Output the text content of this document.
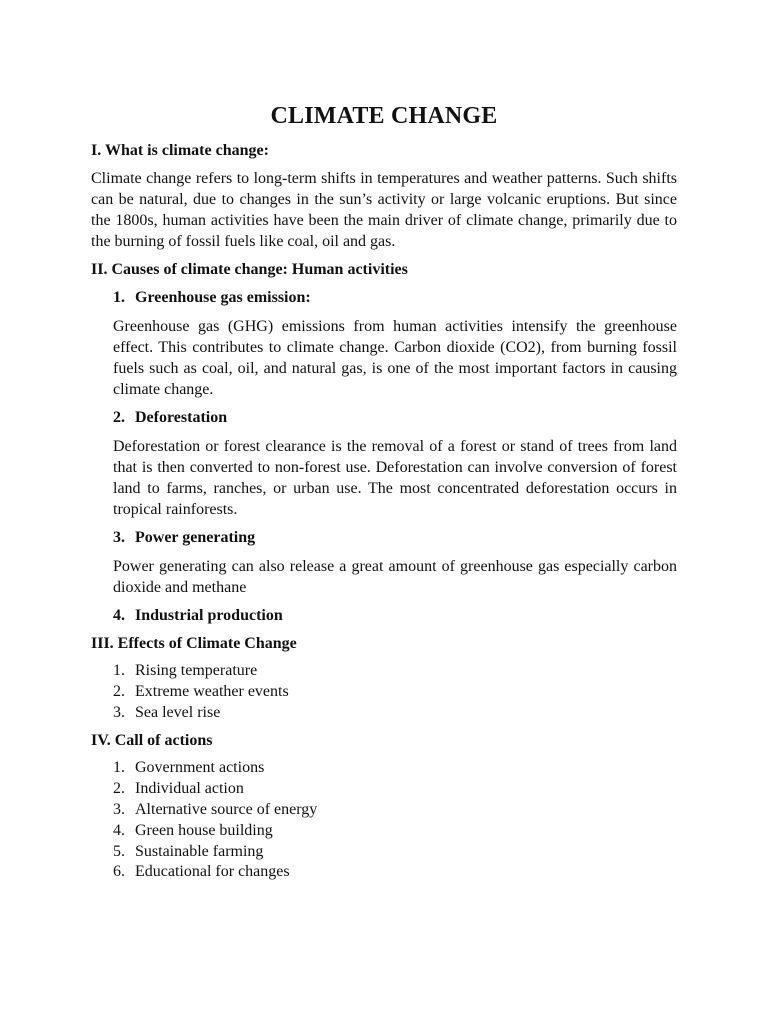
CLIMATE CHANGE
I. What is climate change:
Climate change refers to long-term shifts in temperatures and weather patterns. Such shifts can be natural, due to changes in the sun’s activity or large volcanic eruptions. But since the 1800s, human activities have been the main driver of climate change, primarily due to the burning of fossil fuels like coal, oil and gas.
II. Causes of climate change: Human activities
1. Greenhouse gas emission:
Greenhouse gas (GHG) emissions from human activities intensify the greenhouse effect. This contributes to climate change. Carbon dioxide (CO2), from burning fossil fuels such as coal, oil, and natural gas, is one of the most important factors in causing climate change.
2. Deforestation
Deforestation or forest clearance is the removal of a forest or stand of trees from land that is then converted to non-forest use. Deforestation can involve conversion of forest land to farms, ranches, or urban use. The most concentrated deforestation occurs in tropical rainforests.
3. Power generating
Power generating can also release a great amount of greenhouse gas especially carbon dioxide and methane
4. Industrial production
III. Effects of Climate Change
1. Rising temperature
2. Extreme weather events
3. Sea level rise
IV. Call of actions
1. Government actions
2. Individual action
3. Alternative source of energy
4. Green house building
5. Sustainable farming
6. Educational for changes
